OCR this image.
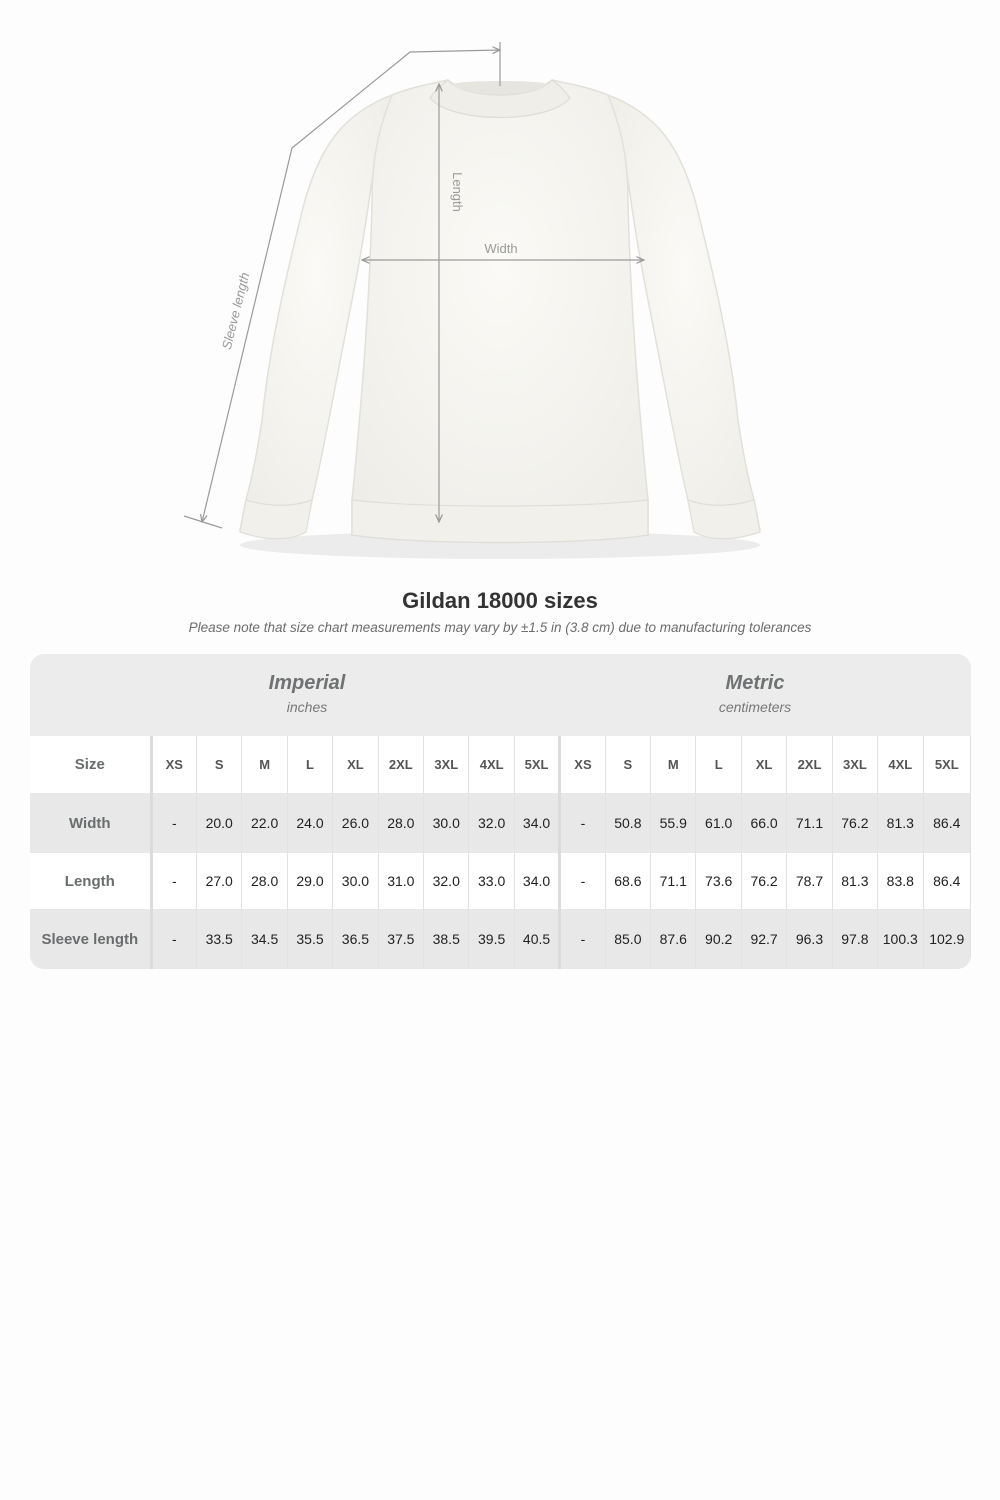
Sleeve length
Length
Width
Gildan 18000 sizes
Please note that size chart measurements may vary by ±1.5 in (3.8 cm) due to manufacturing tolerances
Imperial
inches
Metric
centimeters
Size	XS	S	M	L	XL	2XL	3XL	4XL	5XL	XS	S	M	L	XL	2XL	3XL	4XL	5XL
Width	-	20.0	22.0	24.0	26.0	28.0	30.0	32.0	34.0	-	50.8	55.9	61.0	66.0	71.1	76.2	81.3	86.4
Length	-	27.0	28.0	29.0	30.0	31.0	32.0	33.0	34.0	-	68.6	71.1	73.6	76.2	78.7	81.3	83.8	86.4
Sleeve length	-	33.5	34.5	35.5	36.5	37.5	38.5	39.5	40.5	-	85.0	87.6	90.2	92.7	96.3	97.8	100.3	102.9
